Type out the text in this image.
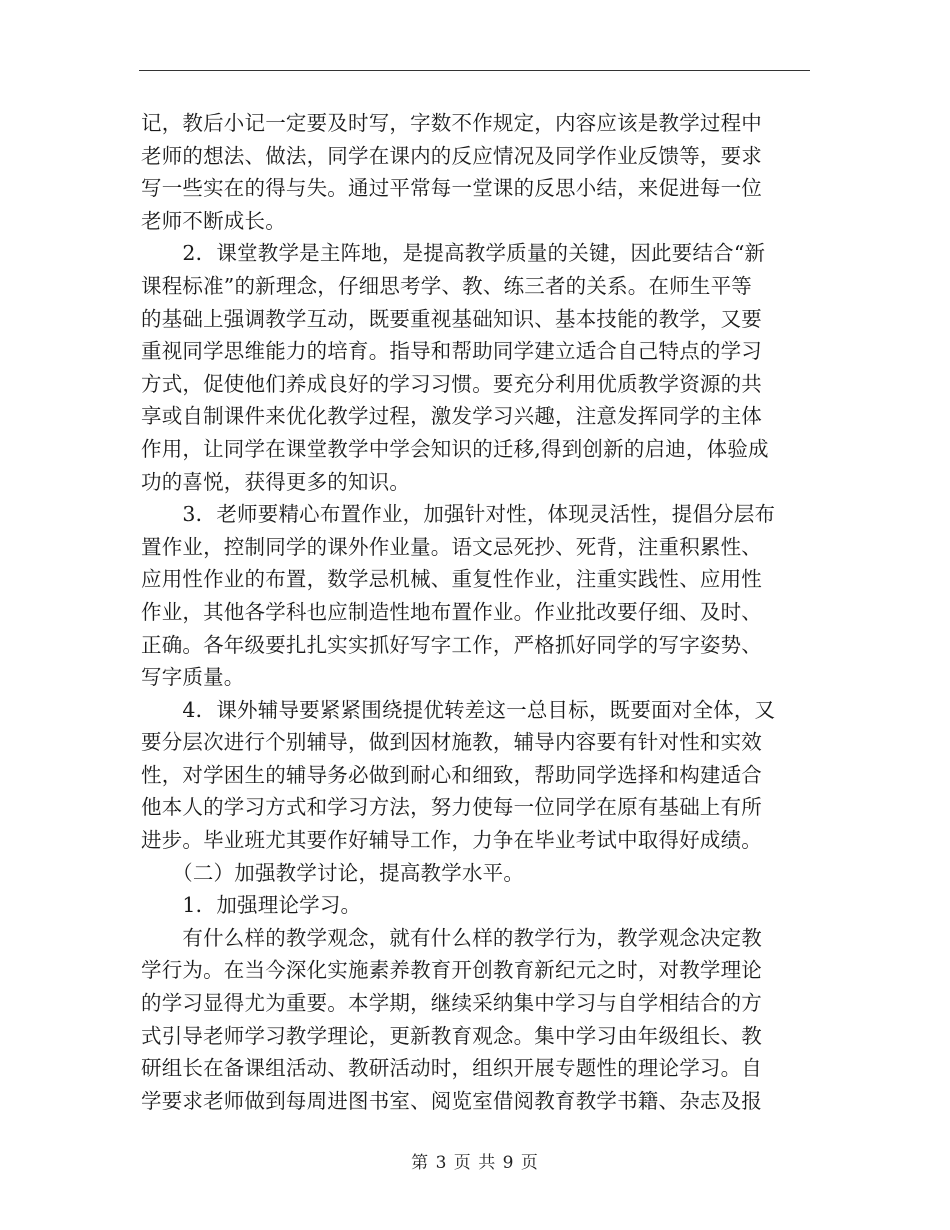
记，教后小记一定要及时写，字数不作规定，内容应该是教学过程中
老师的想法、做法，同学在课内的反应情况及同学作业反馈等，要求
写一些实在的得与失。通过平常每一堂课的反思小结，来促进每一位
老师不断成长。
　　2．课堂教学是主阵地，是提高教学质量的关键，因此要结合“新
课程标准”的新理念，仔细思考学、教、练三者的关系。在师生平等
的基础上强调教学互动，既要重视基础知识、基本技能的教学，又要
重视同学思维能力的培育。指导和帮助同学建立适合自己特点的学习
方式，促使他们养成良好的学习习惯。要充分利用优质教学资源的共
享或自制课件来优化教学过程，激发学习兴趣，注意发挥同学的主体
作用，让同学在课堂教学中学会知识的迁移,得到创新的启迪，体验成
功的喜悦，获得更多的知识。
　　3．老师要精心布置作业，加强针对性，体现灵活性，提倡分层布
置作业，控制同学的课外作业量。语文忌死抄、死背，注重积累性、
应用性作业的布置，数学忌机械、重复性作业，注重实践性、应用性
作业，其他各学科也应制造性地布置作业。作业批改要仔细、及时、
正确。各年级要扎扎实实抓好写字工作，严格抓好同学的写字姿势、
写字质量。
　　4．课外辅导要紧紧围绕提优转差这一总目标，既要面对全体，又
要分层次进行个别辅导，做到因材施教，辅导内容要有针对性和实效
性，对学困生的辅导务必做到耐心和细致，帮助同学选择和构建适合
他本人的学习方式和学习方法，努力使每一位同学在原有基础上有所
进步。毕业班尤其要作好辅导工作，力争在毕业考试中取得好成绩。
　　（二）加强教学讨论，提高教学水平。
　　1．加强理论学习。
　　有什么样的教学观念，就有什么样的教学行为，教学观念决定教
学行为。在当今深化实施素养教育开创教育新纪元之时，对教学理论
的学习显得尤为重要。本学期，继续采纳集中学习与自学相结合的方
式引导老师学习教学理论，更新教育观念。集中学习由年级组长、教
研组长在备课组活动、教研活动时，组织开展专题性的理论学习。自
学要求老师做到每周进图书室、阅览室借阅教育教学书籍、杂志及报
第 3 页 共 9 页
